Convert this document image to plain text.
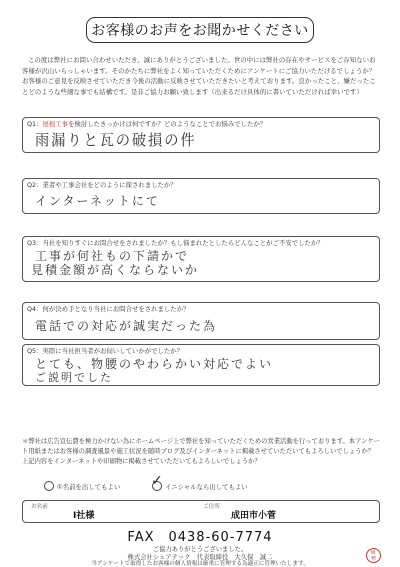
お客様のお声をお聞かせください
この度は弊社にお問い合わせいただき、誠にありがとうございました。世の中には弊社の存在やサービスをご存知ないお客様が沢山いらっしゃいます。そのかたちに弊社をよく知っていただくためにアンケートにご協力いただけるでしょうか？お客様のご意見を反映させていただき今後の活動に反映させていただきたいと考えております。良かったこと、嫌だったことどのような些細な事でも結構です。是非ご協力お願い致します（出来るだけ具体的に書いていただければ幸いです）
Q1：屋根工事を検討したきっかけは何ですか？どのようなことでお悩みでしたか？
雨漏りと瓦の破損の件
Q2：業者や工事会社をどのように探されましたか？
インターネットにて
Q3：当社を知りすぐにお問合せをされましたか？もし悩まれたとしたらどんなことがご不安でしたか？
工事が何社もの下請かで
見積金額が高くならないか
Q4：何が決め手となり当社にお問合せをされましたか？
電話での対応が誠実だった為
Q5：実際に当社担当者がお伺いしていかがでしたか？
とても、物腰のやわらかい対応でよい
ご説明でした
＊弊社は広告宣伝費を極力かけない為にホームページ上で弊社を知っていただくための営業活動を行っております。本アンケート用紙またはお客様の調査風景や施工状況を随時ブログ及びインターネットに掲載させていただいてもよろしいでしょうか？上記内容をインターネットや印刷物に掲載させていただいてもよろしいでしょうか？
①名前を出してもよい ✓ イニシャルなら出してもよい
お名前
I社様
ご住所
成田市小菅
FAX　0438-60-7774
ご協力ありがとうございました。
株式会社シェアテック　代表取締役　大久保　誠二
当アンケートで取得したお客様の個人情報は厳重に管理する為適正に管理いたします。
岡
野
